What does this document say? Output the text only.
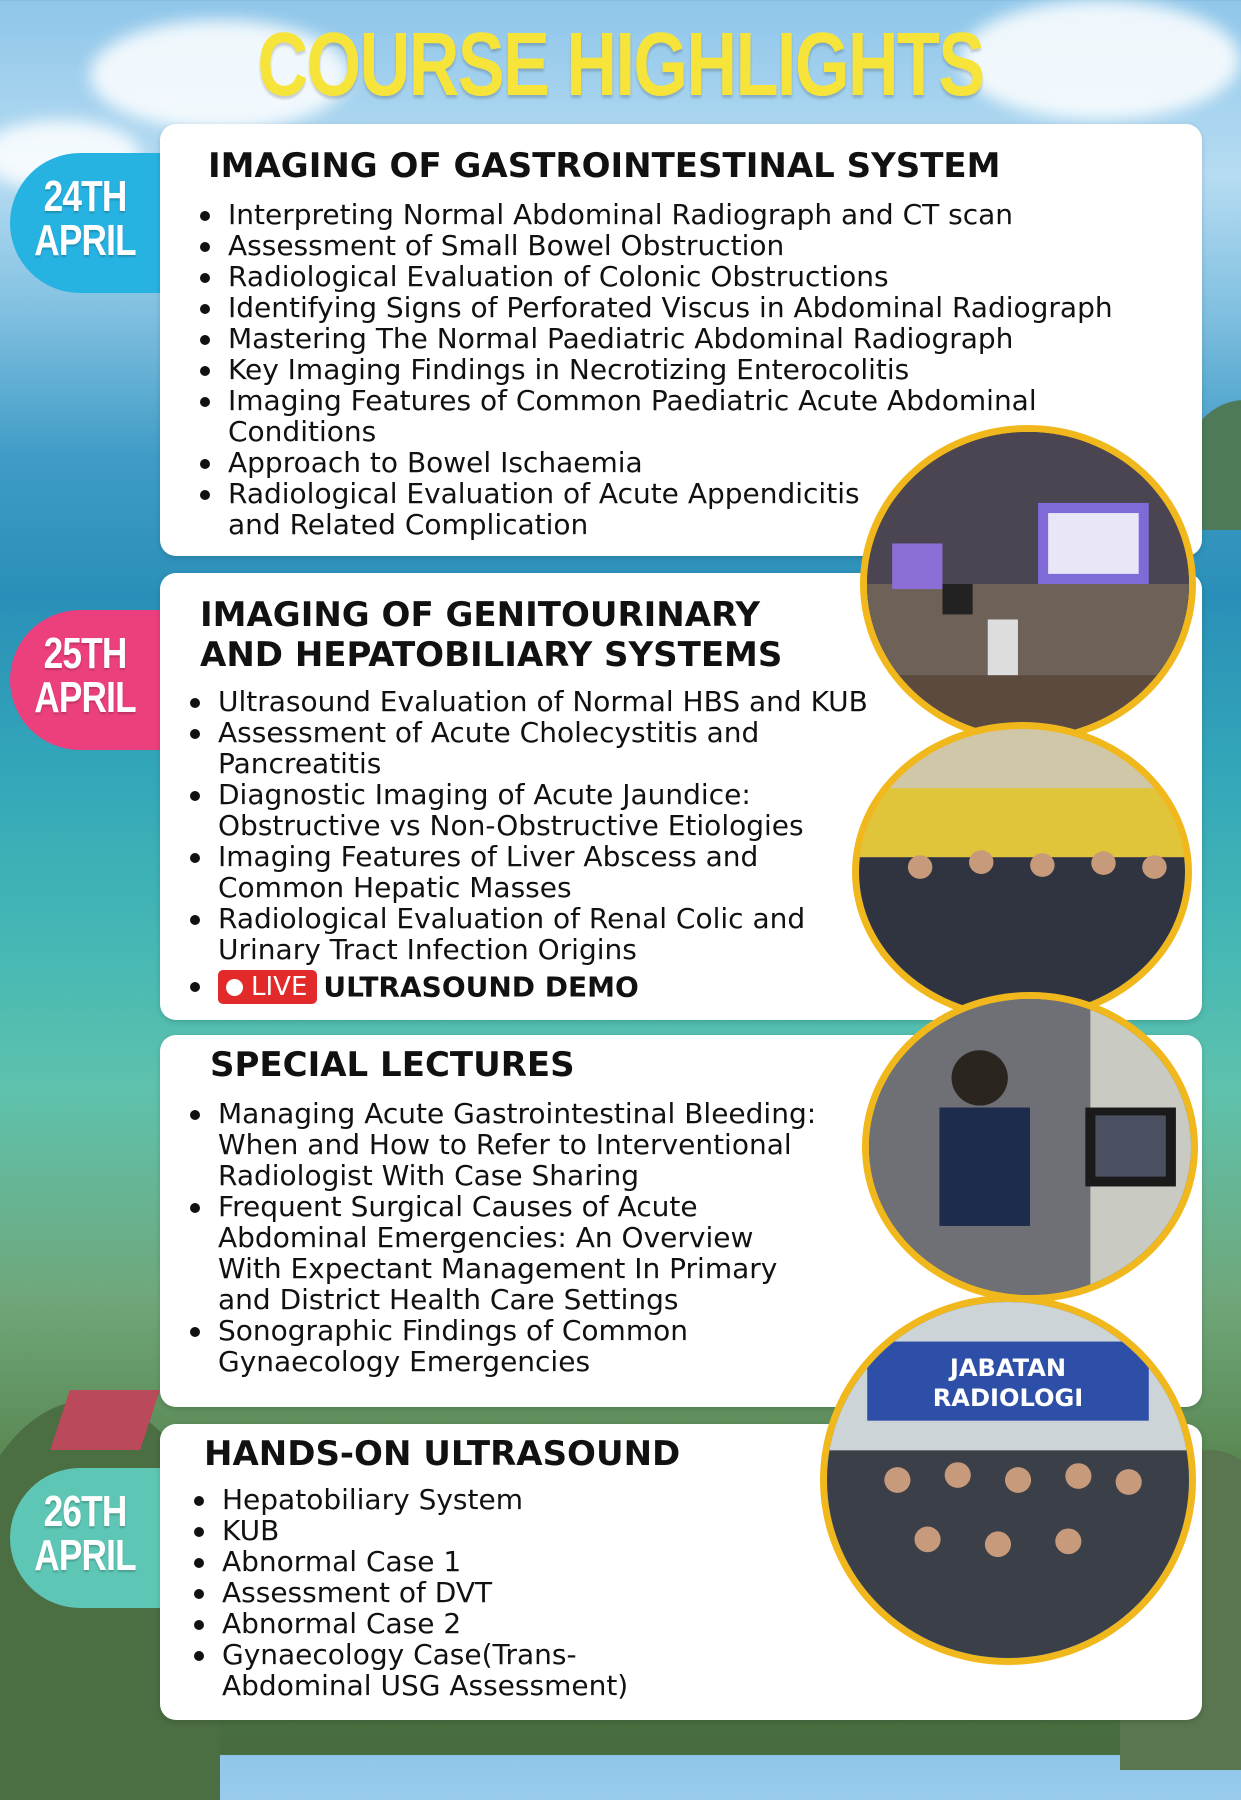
COURSE HIGHLIGHTS
24TH
APRIL
IMAGING OF GASTROINTESTINAL SYSTEM
Interpreting Normal Abdominal Radiograph and CT scan
Assessment of Small Bowel Obstruction
Radiological Evaluation of Colonic Obstructions
Identifying Signs of Perforated Viscus in Abdominal Radiograph
Mastering The Normal Paediatric Abdominal Radiograph
Key Imaging Findings in Necrotizing Enterocolitis
Imaging Features of Common Paediatric Acute Abdominal Conditions
Approach to Bowel Ischaemia
Radiological Evaluation of Acute Appendicitis and Related Complication
25TH
APRIL
IMAGING OF GENITOURINARY
AND HEPATOBILIARY SYSTEMS
Ultrasound Evaluation of Normal HBS and KUB
Assessment of Acute Cholecystitis and Pancreatitis
Diagnostic Imaging of Acute Jaundice: Obstructive vs Non-Obstructive Etiologies
Imaging Features of Liver Abscess and Common Hepatic Masses
Radiological Evaluation of Renal Colic and Urinary Tract Infection Origins
LIVE ULTRASOUND DEMO
SPECIAL LECTURES
Managing Acute Gastrointestinal Bleeding: When and How to Refer to Interventional Radiologist With Case Sharing
Frequent Surgical Causes of Acute Abdominal Emergencies: An Overview With Expectant Management In Primary and District Health Care Settings
Sonographic Findings of Common Gynaecology Emergencies
26TH
APRIL
HANDS-ON ULTRASOUND
Hepatobiliary System
KUB
Abnormal Case 1
Assessment of DVT
Abnormal Case 2
Gynaecology Case(Trans-Abdominal USG Assessment)
JABATAN
RADIOLOGI
